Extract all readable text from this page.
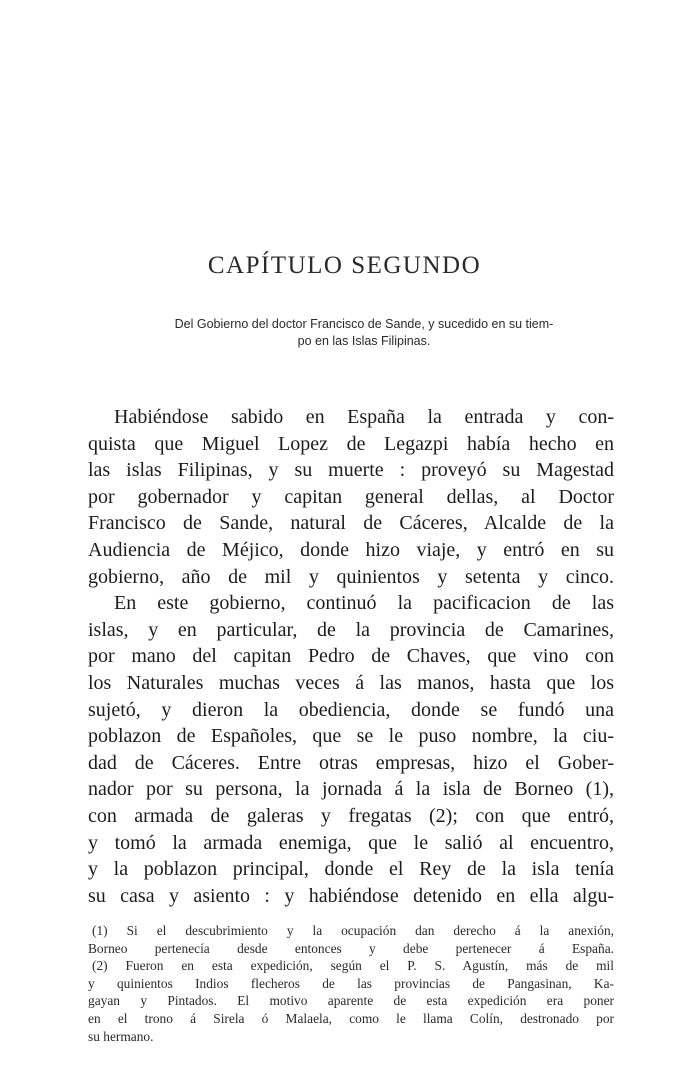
CAPÍTULO SEGUNDO
Del Gobierno del doctor Francisco de Sande, y sucedido en su tiem-
po en las Islas Filipinas.
Habiéndose sabido en España la entrada y con-
quista que Miguel Lopez de Legazpi había hecho en
las islas Filipinas, y su muerte : proveyó su Magestad
por gobernador y capitan general dellas, al Doctor
Francisco de Sande, natural de Cáceres, Alcalde de la
Audiencia de Méjico, donde hizo viaje, y entró en su
gobierno, año de mil y quinientos y setenta y cinco.
En este gobierno, continuó la pacificacion de las
islas, y en particular, de la provincia de Camarines,
por mano del capitan Pedro de Chaves, que vino con
los Naturales muchas veces á las manos, hasta que los
sujetó, y dieron la obediencia, donde se fundó una
poblazon de Españoles, que se le puso nombre, la ciu-
dad de Cáceres. Entre otras empresas, hizo el Gober-
nador por su persona, la jornada á la isla de Borneo (1),
con armada de galeras y fregatas (2); con que entró,
y tomó la armada enemiga, que le salió al encuentro,
y la poblazon principal, donde el Rey de la isla tenía
su casa y asiento : y habiéndose detenido en ella algu-
(1) Si el descubrimiento y la ocupación dan derecho á la anexión,
Borneo pertenecía desde entonces y debe pertenecer á España.
(2) Fueron en esta expedición, según el P. S. Agustín, más de mil
y quinientos Indios flecheros de las provincias de Pangasinan, Ka-
gayan y Pintados. El motivo aparente de esta expedición era poner
en el trono á Sirela ó Malaela, como le llama Colín, destronado por
su hermano.
